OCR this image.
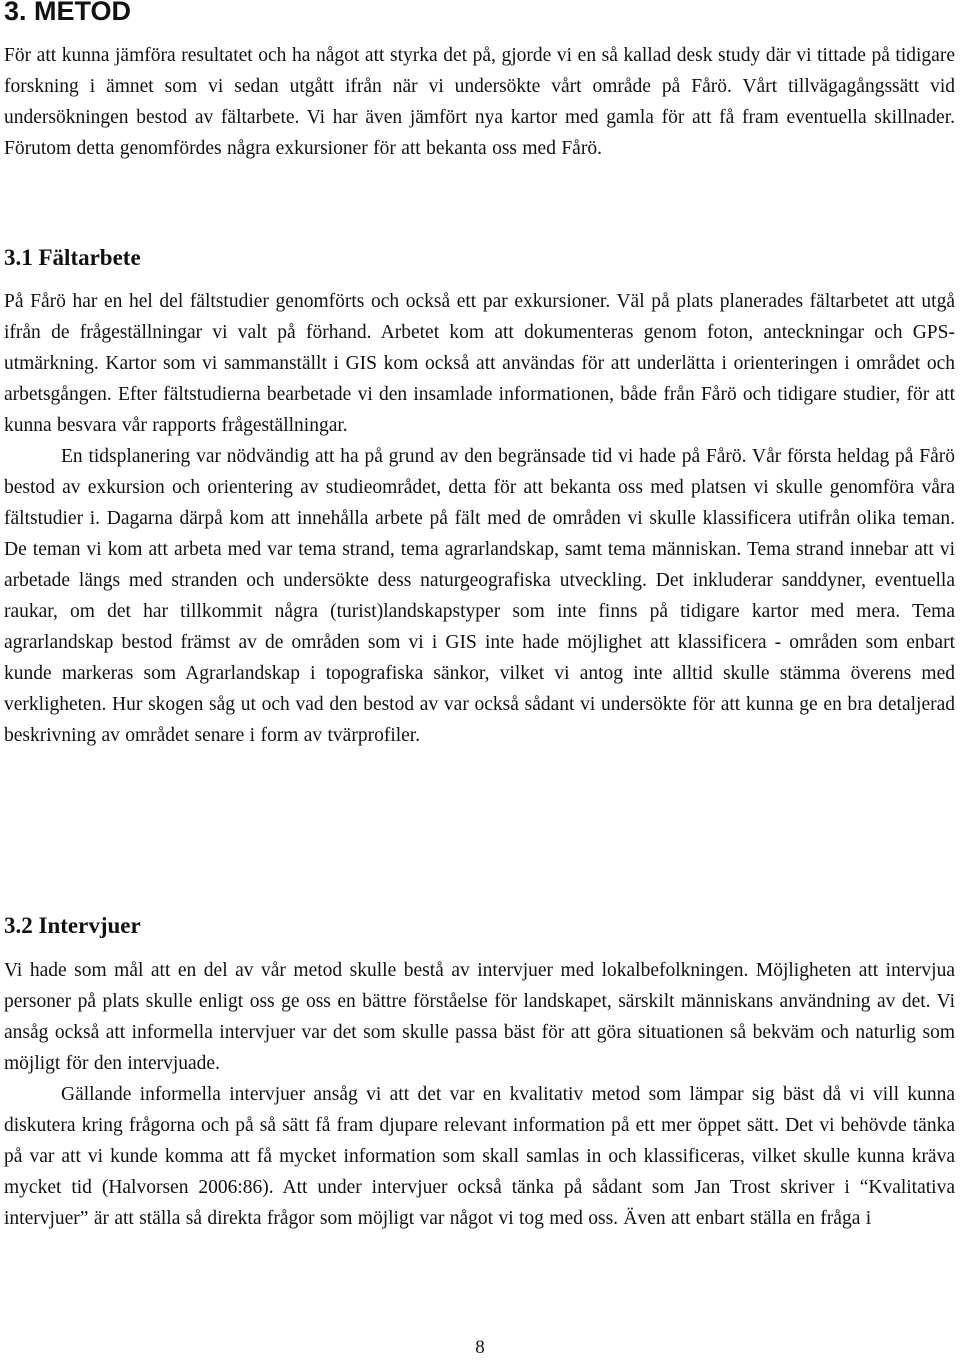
3. METOD

För att kunna jämföra resultatet och ha något att styrka det på, gjorde vi en så kallad desk study där vi tittade på tidigare forskning i ämnet som vi sedan utgått ifrån när vi undersökte vårt område på Fårö. Vårt tillvägagångssätt vid undersökningen bestod av fältarbete. Vi har även jämfört nya kartor med gamla för att få fram eventuella skillnader. Förutom detta genomfördes några exkursioner för att bekanta oss med Fårö.

3.1 Fältarbete

På Fårö har en hel del fältstudier genomförts och också ett par exkursioner. Väl på plats planerades fältarbetet att utgå ifrån de frågeställningar vi valt på förhand. Arbetet kom att dokumenteras genom foton, anteckningar och GPS-utmärkning. Kartor som vi sammanställt i GIS kom också att användas för att underlätta i orienteringen i området och arbetsgången. Efter fältstudierna bearbetade vi den insamlade informationen, både från Fårö och tidigare studier, för att kunna besvara vår rapports frågeställningar.

En tidsplanering var nödvändig att ha på grund av den begränsade tid vi hade på Fårö. Vår första heldag på Fårö bestod av exkursion och orientering av studieområdet, detta för att bekanta oss med platsen vi skulle genomföra våra fältstudier i. Dagarna därpå kom att innehålla arbete på fält med de områden vi skulle klassificera utifrån olika teman. De teman vi kom att arbeta med var tema strand, tema agrarlandskap, samt tema människan. Tema strand innebar att vi arbetade längs med stranden och undersökte dess naturgeografiska utveckling. Det inkluderar sanddyner, eventuella raukar, om det har tillkommit några (turist)landskapstyper som inte finns på tidigare kartor med mera. Tema agrarlandskap bestod främst av de områden som vi i GIS inte hade möjlighet att klassificera - områden som enbart kunde markeras som Agrarlandskap i topografiska sänkor, vilket vi antog inte alltid skulle stämma överens med verkligheten. Hur skogen såg ut och vad den bestod av var också sådant vi undersökte för att kunna ge en bra detaljerad beskrivning av området senare i form av tvärprofiler.

3.2 Intervjuer

Vi hade som mål att en del av vår metod skulle bestå av intervjuer med lokalbefolkningen. Möjligheten att intervjua personer på plats skulle enligt oss ge oss en bättre förståelse för landskapet, särskilt människans användning av det. Vi ansåg också att informella intervjuer var det som skulle passa bäst för att göra situationen så bekväm och naturlig som möjligt för den intervjuade.

Gällande informella intervjuer ansåg vi att det var en kvalitativ metod som lämpar sig bäst då vi vill kunna diskutera kring frågorna och på så sätt få fram djupare relevant information på ett mer öppet sätt. Det vi behövde tänka på var att vi kunde komma att få mycket information som skall samlas in och klassificeras, vilket skulle kunna kräva mycket tid (Halvorsen 2006:86). Att under intervjuer också tänka på sådant som Jan Trost skriver i “Kvalitativa intervjuer” är att ställa så direkta frågor som möjligt var något vi tog med oss. Även att enbart ställa en fråga i

8
